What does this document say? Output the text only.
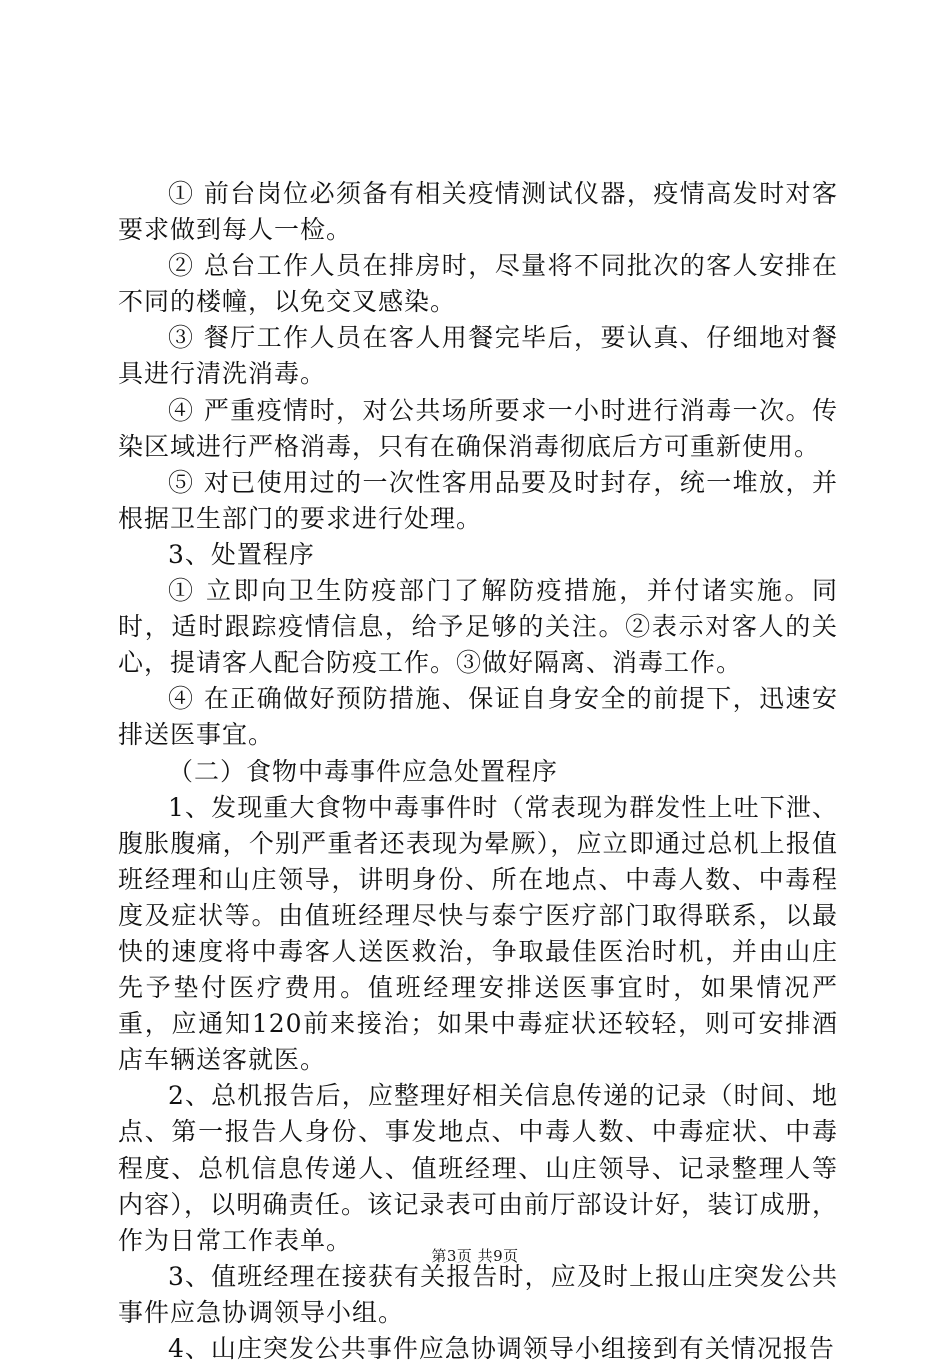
① 前台岗位必须备有相关疫情测试仪器，疫情高发时对客要求做到每人一检。

② 总台工作人员在排房时，尽量将不同批次的客人安排在不同的楼幢，以免交叉感染。

③ 餐厅工作人员在客人用餐完毕后，要认真、仔细地对餐具进行清洗消毒。

④ 严重疫情时，对公共场所要求一小时进行消毒一次。传染区域进行严格消毒，只有在确保消毒彻底后方可重新使用。

⑤ 对已使用过的一次性客用品要及时封存，统一堆放，并根据卫生部门的要求进行处理。

3、处置程序

① 立即向卫生防疫部门了解防疫措施，并付诸实施。同时，适时跟踪疫情信息，给予足够的关注。②表示对客人的关心，提请客人配合防疫工作。③做好隔离、消毒工作。

④ 在正确做好预防措施、保证自身安全的前提下，迅速安排送医事宜。

（二）食物中毒事件应急处置程序

1、发现重大食物中毒事件时（常表现为群发性上吐下泄、腹胀腹痛，个别严重者还表现为晕厥），应立即通过总机上报值班经理和山庄领导，讲明身份、所在地点、中毒人数、中毒程度及症状等。由值班经理尽快与泰宁医疗部门取得联系，以最快的速度将中毒客人送医救治，争取最佳医治时机，并由山庄先予垫付医疗费用。值班经理安排送医事宜时，如果情况严重，应通知120前来接治；如果中毒症状还较轻，则可安排酒店车辆送客就医。

2、总机报告后，应整理好相关信息传递的记录（时间、地点、第一报告人身份、事发地点、中毒人数、中毒症状、中毒程度、总机信息传递人、值班经理、山庄领导、记录整理人等内容），以明确责任。该记录表可由前厅部设计好，装订成册，作为日常工作表单。

3、值班经理在接获有关报告时，应及时上报山庄突发公共事件应急协调领导小组。

4、山庄突发公共事件应急协调领导小组接到有关情况报告

第3页 共9页
